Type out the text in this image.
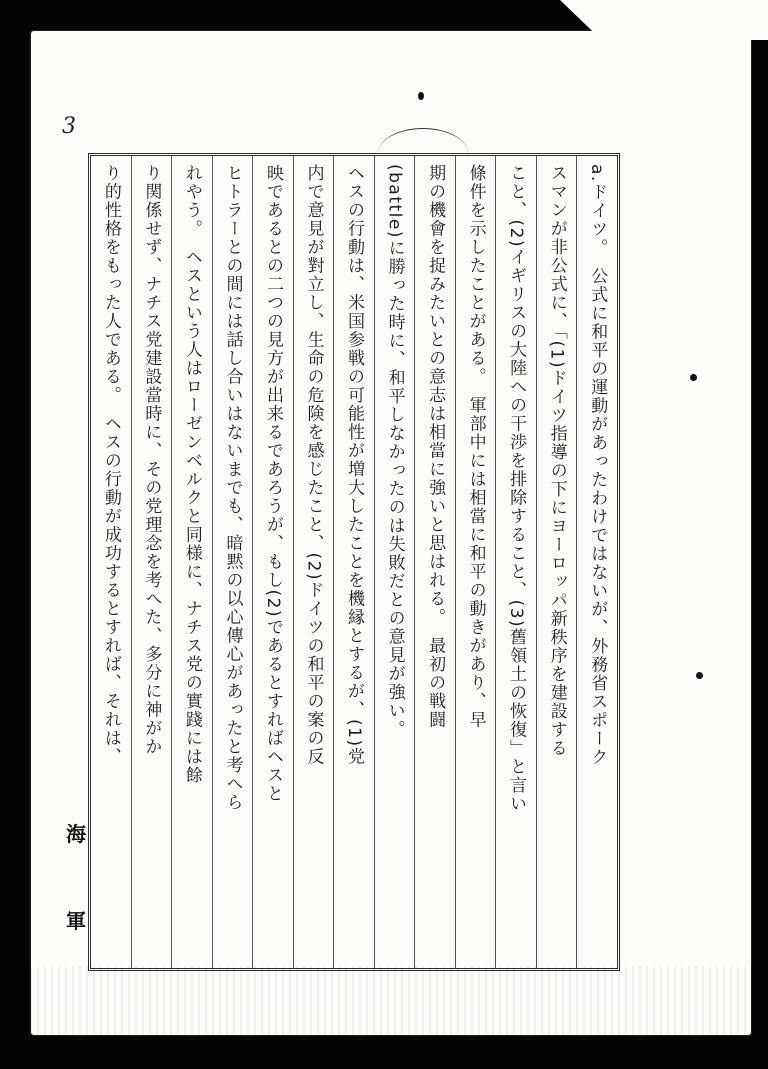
3
a.ドイツ。　公式に和平の運動があったわけではないが、外務省スポーク
スマンが非公式に、「(1)ドイツ指導の下にヨーロッパ新秩序を建設する
こと、(2)イギリスの大陸への干渉を排除すること、(3)舊領土の恢復」と言い
條件を示したことがある。　軍部中には相當に和平の動きがあり、早
期の機會を捉みたいとの意志は相當に強いと思はれる。　最初の戦闘
(battle)に勝った時に、和平しなかったのは失敗だとの意見が強い。
ヘスの行動は、米国参戦の可能性が増大したことを機縁とするが、(1)党
内で意見が對立し、生命の危険を感じたこと、(2)ドイツの和平の案の反
映であるとの二つの見方が出来るであろうが、もし(2)であるとすればヘスと
ヒトラーとの間には話し合いはないまでも、暗黙の以心傳心があったと考へら
れやう。　ヘスという人はローゼンベルクと同様に、ナチス党の實踐には餘
り関係せず、ナチス党建設當時に、その党理念を考へた、多分に神がか
り的性格をもった人である。　ヘスの行動が成功するとすれば、それは、
海
軍
